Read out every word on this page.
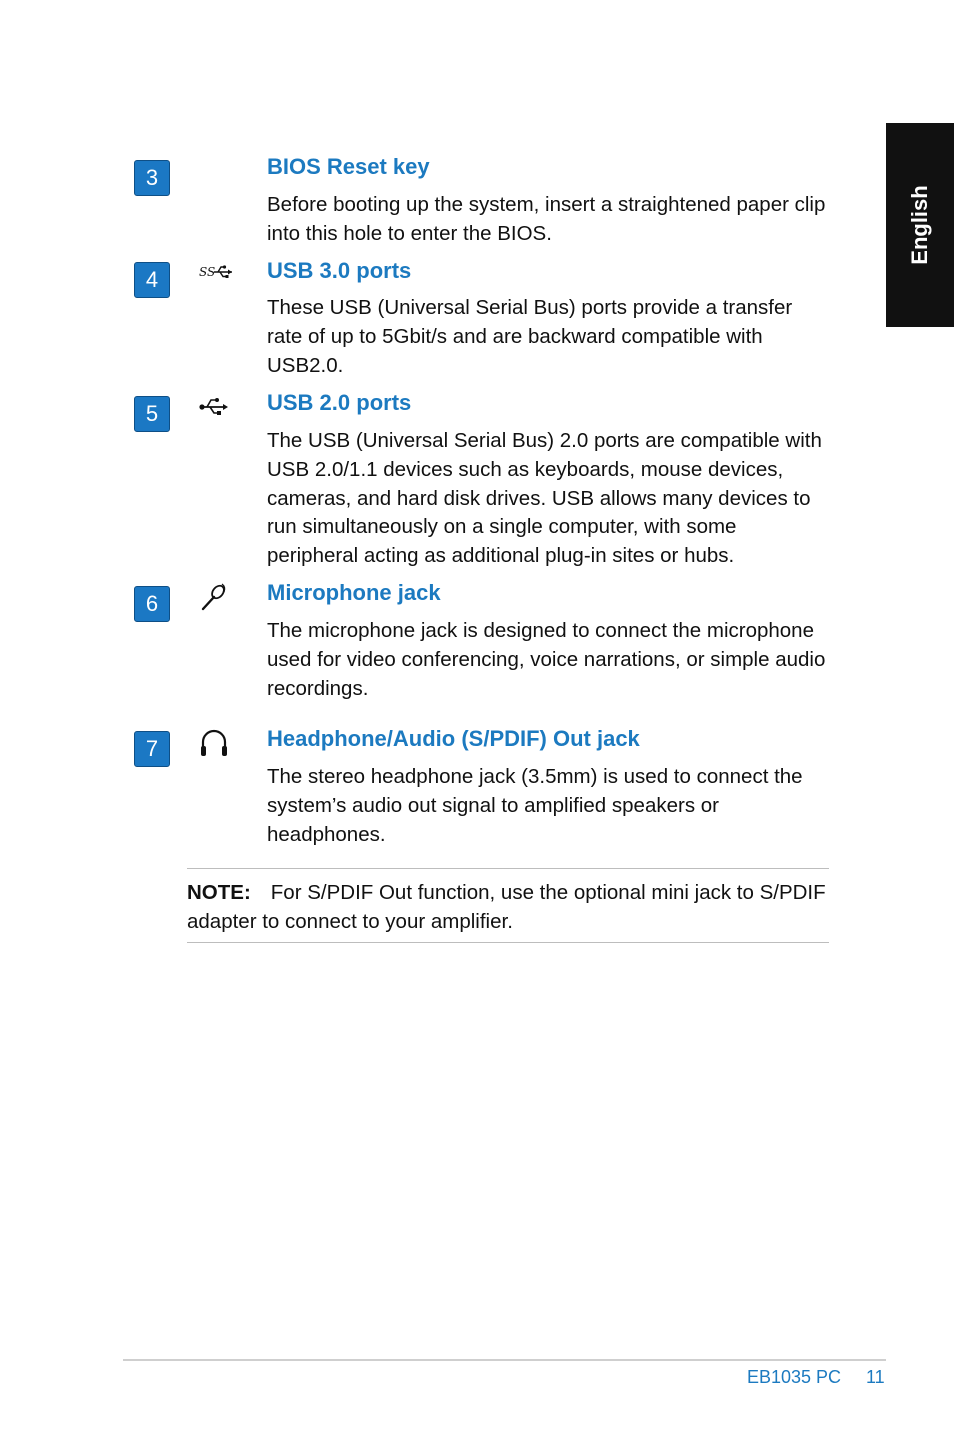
English
3	BIOS Reset key

Before booting up the system, insert a straightened paper clip into this hole to enter the BIOS.

4	SS USB 3.0 ports

These USB (Universal Serial Bus) ports provide a transfer rate of up to 5Gbit/s and are backward compatible with USB2.0.

5	USB 2.0 ports

The USB (Universal Serial Bus) 2.0 ports are compatible with USB 2.0/1.1 devices such as keyboards, mouse devices, cameras, and hard disk drives. USB allows many devices to run simultaneously on a single computer, with some peripheral acting as additional plug-in sites or hubs.

6	Microphone jack

The microphone jack is designed to connect the microphone used for video conferencing, voice narrations, or simple audio recordings.

7	Headphone/Audio (S/PDIF) Out jack

The stereo headphone jack (3.5mm) is used to connect the system’s audio out signal to amplified speakers or headphones.

NOTE: For S/PDIF Out function, use the optional mini jack to S/PDIF adapter to connect to your amplifier.

EB1035 PC 11
